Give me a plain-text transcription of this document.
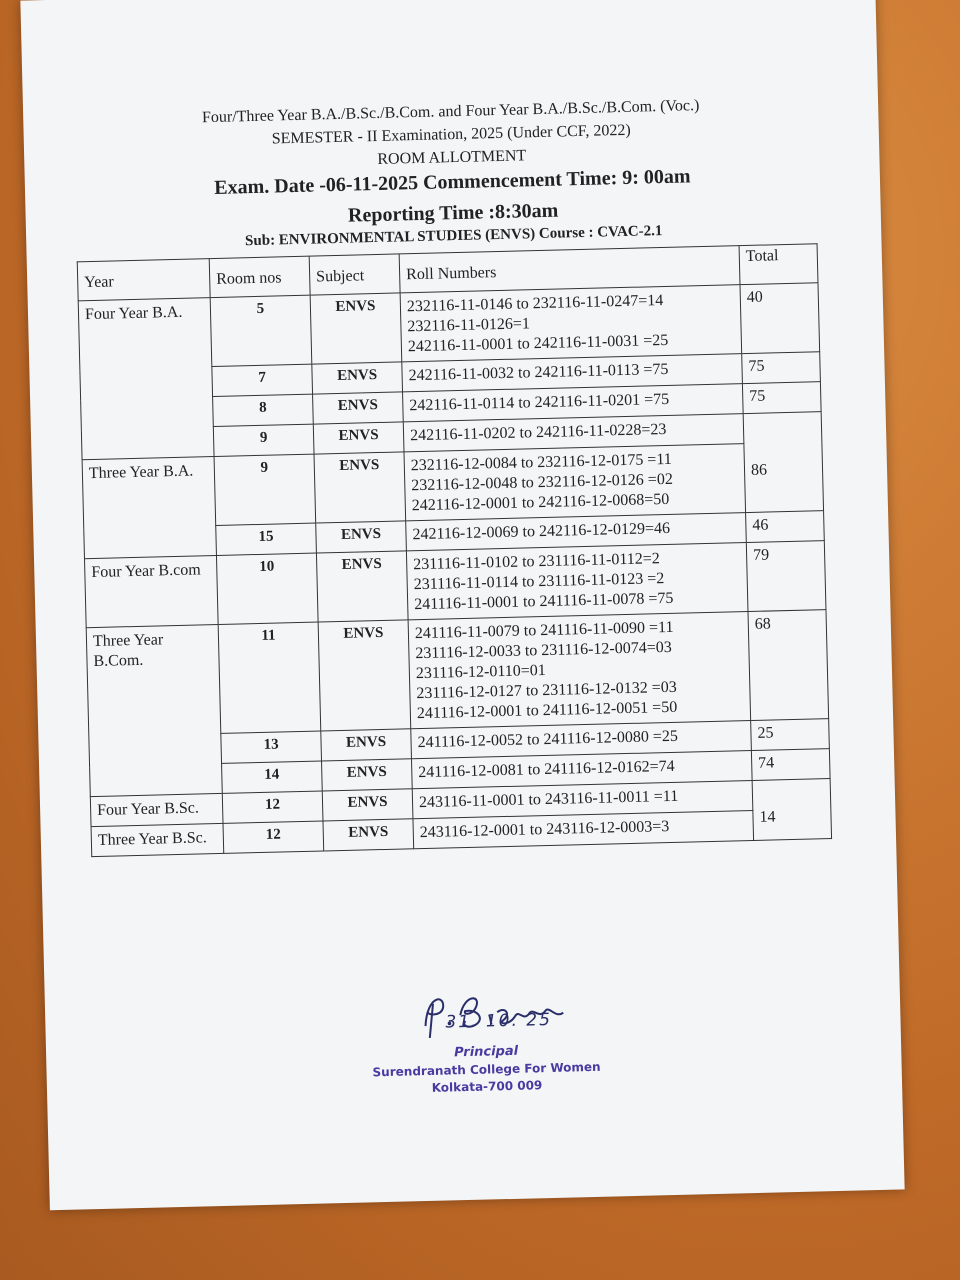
Four/Three Year B.A./B.Sc./B.Com. and Four Year B.A./B.Sc./B.Com. (Voc.)
SEMESTER - II Examination, 2025 (Under CCF, 2022)
ROOM ALLOTMENT
Exam. Date -06-11-2025 Commencement Time: 9: 00am
Reporting Time :8:30am
Sub: ENVIRONMENTAL STUDIES (ENVS) Course : CVAC-2.1
Year	Room nos	Subject	Roll Numbers	Total
Four Year B.A.	5	ENVS	232116-11-0146 to 232116-11-0247=14
232116-11-0126=1
242116-11-0001 to 242116-11-0031 =25	40
	7	ENVS	242116-11-0032 to 242116-11-0113 =75	75
	8	ENVS	242116-11-0114 to 242116-11-0201 =75	75
	9	ENVS	242116-11-0202 to 242116-11-0228=23	86
Three Year B.A.	9	ENVS	232116-12-0084 to 232116-12-0175 =11
232116-12-0048 to 232116-12-0126 =02
242116-12-0001 to 242116-12-0068=50	

	15	ENVS	242116-12-0069 to 242116-12-0129=46	46
Four Year B.com	10	ENVS	231116-11-0102 to 231116-11-0112=2
231116-11-0114 to 231116-11-0123 =2
241116-11-0001 to 241116-11-0078 =75	79
Three Year B.Com.	11	ENVS	241116-11-0079 to 241116-11-0090 =11
231116-12-0033 to 231116-12-0074=03
231116-12-0110=01
231116-12-0127 to 231116-12-0132 =03
241116-12-0001 to 241116-12-0051 =50	68
	13	ENVS	241116-12-0052 to 241116-12-0080 =25	25
	14	ENVS	241116-12-0081 to 241116-12-0162=74	74
Four Year B.Sc.	12	ENVS	243116-11-0001 to 243116-11-0011 =11	14
Three Year B.Sc.	12	ENVS	243116-12-0001 to 243116-12-0003=3	
31. 10. 25
Principal
Surendranath College For Women
Kolkata-700 009
